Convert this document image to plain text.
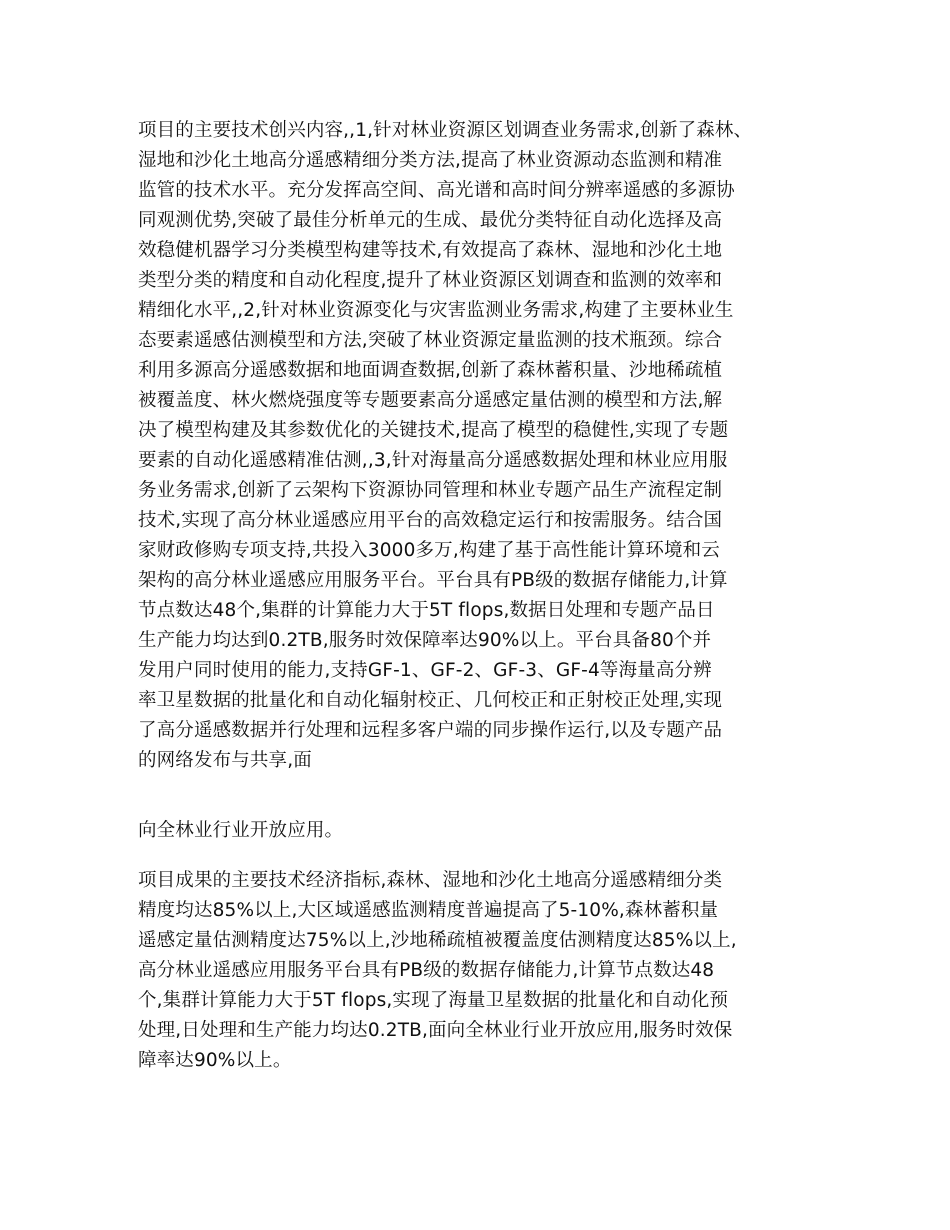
项目的主要技术创兴内容,,1,针对林业资源区划调查业务需求,创新了森林、
湿地和沙化土地高分遥感精细分类方法,提高了林业资源动态监测和精准
监管的技术水平。充分发挥高空间、高光谱和高时间分辨率遥感的多源协
同观测优势,突破了最佳分析单元的生成、最优分类特征自动化选择及高
效稳健机器学习分类模型构建等技术,有效提高了森林、湿地和沙化土地
类型分类的精度和自动化程度,提升了林业资源区划调查和监测的效率和
精细化水平,,2,针对林业资源变化与灾害监测业务需求,构建了主要林业生
态要素遥感估测模型和方法,突破了林业资源定量监测的技术瓶颈。综合
利用多源高分遥感数据和地面调查数据,创新了森林蓄积量、沙地稀疏植
被覆盖度、林火燃烧强度等专题要素高分遥感定量估测的模型和方法,解
决了模型构建及其参数优化的关键技术,提高了模型的稳健性,实现了专题
要素的自动化遥感精准估测,,3,针对海量高分遥感数据处理和林业应用服
务业务需求,创新了云架构下资源协同管理和林业专题产品生产流程定制
技术,实现了高分林业遥感应用平台的高效稳定运行和按需服务。结合国
家财政修购专项支持,共投入3000多万,构建了基于高性能计算环境和云
架构的高分林业遥感应用服务平台。平台具有PB级的数据存储能力,计算
节点数达48个,集群的计算能力大于5T flops,数据日处理和专题产品日
生产能力均达到0.2TB,服务时效保障率达90%以上。平台具备80个并
发用户同时使用的能力,支持GF-1、GF-2、GF-3、GF-4等海量高分辨
率卫星数据的批量化和自动化辐射校正、几何校正和正射校正处理,实现
了高分遥感数据并行处理和远程多客户端的同步操作运行,以及专题产品
的网络发布与共享,面
向全林业行业开放应用。
项目成果的主要技术经济指标,森林、湿地和沙化土地高分遥感精细分类
精度均达85%以上,大区域遥感监测精度普遍提高了5-10%,森林蓄积量
遥感定量估测精度达75%以上,沙地稀疏植被覆盖度估测精度达85%以上,
高分林业遥感应用服务平台具有PB级的数据存储能力,计算节点数达48
个,集群计算能力大于5T flops,实现了海量卫星数据的批量化和自动化预
处理,日处理和生产能力均达0.2TB,面向全林业行业开放应用,服务时效保
障率达90%以上。
